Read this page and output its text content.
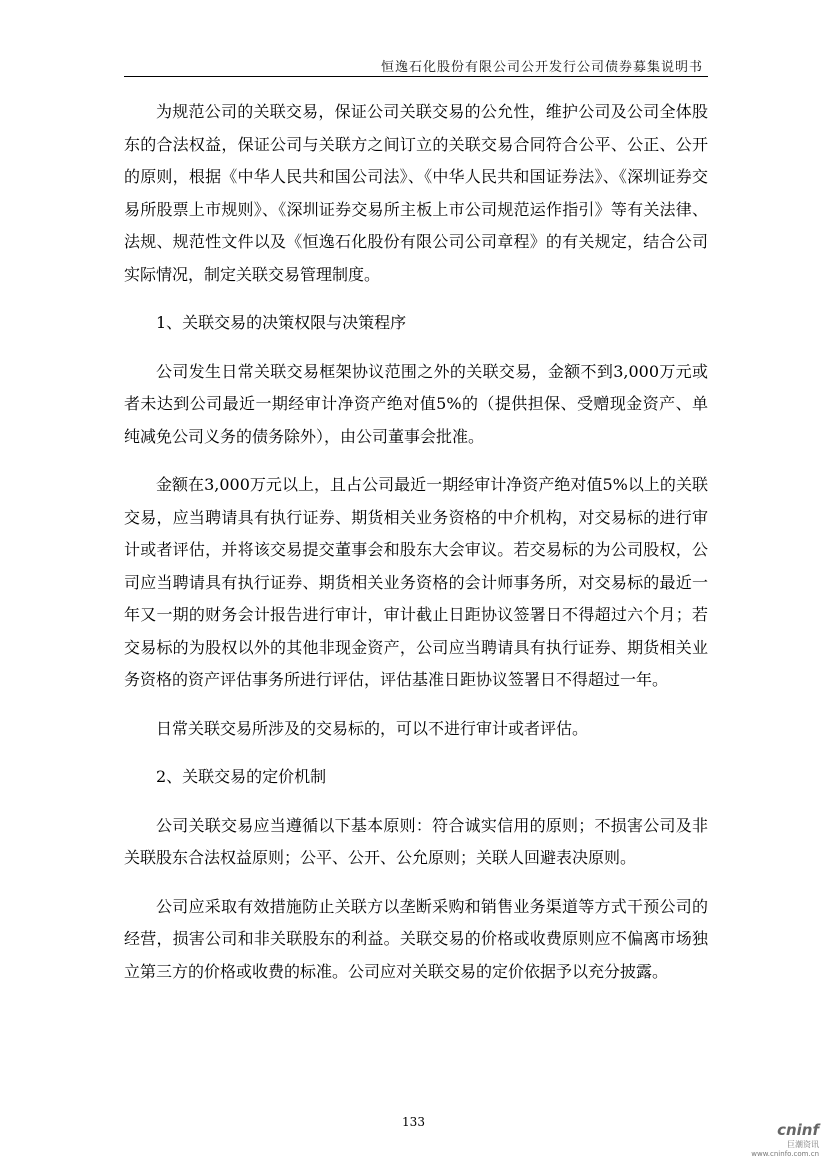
恒逸石化股份有限公司公开发行公司债券募集说明书

为规范公司的关联交易，保证公司关联交易的公允性，维护公司及公司全体股东的合法权益，保证公司与关联方之间订立的关联交易合同符合公平、公正、公开的原则，根据《中华人民共和国公司法》、《中华人民共和国证券法》、《深圳证券交易所股票上市规则》、《深圳证券交易所主板上市公司规范运作指引》等有关法律、法规、规范性文件以及《恒逸石化股份有限公司公司章程》的有关规定，结合公司实际情况，制定关联交易管理制度。

1、关联交易的决策权限与决策程序

公司发生日常关联交易框架协议范围之外的关联交易，金额不到3,000万元或者未达到公司最近一期经审计净资产绝对值5%的（提供担保、受赠现金资产、单纯减免公司义务的债务除外），由公司董事会批准。

金额在3,000万元以上，且占公司最近一期经审计净资产绝对值5%以上的关联交易，应当聘请具有执行证券、期货相关业务资格的中介机构，对交易标的进行审计或者评估，并将该交易提交董事会和股东大会审议。若交易标的为公司股权，公司应当聘请具有执行证券、期货相关业务资格的会计师事务所，对交易标的最近一年又一期的财务会计报告进行审计，审计截止日距协议签署日不得超过六个月；若交易标的为股权以外的其他非现金资产，公司应当聘请具有执行证券、期货相关业务资格的资产评估事务所进行评估，评估基准日距协议签署日不得超过一年。

日常关联交易所涉及的交易标的，可以不进行审计或者评估。

2、关联交易的定价机制

公司关联交易应当遵循以下基本原则：符合诚实信用的原则；不损害公司及非关联股东合法权益原则；公平、公开、公允原则；关联人回避表决原则。

公司应采取有效措施防止关联方以垄断采购和销售业务渠道等方式干预公司的经营，损害公司和非关联股东的利益。关联交易的价格或收费原则应不偏离市场独立第三方的价格或收费的标准。公司应对关联交易的定价依据予以充分披露。

133	cninf
巨潮资讯
www.cninfo.com.cn
